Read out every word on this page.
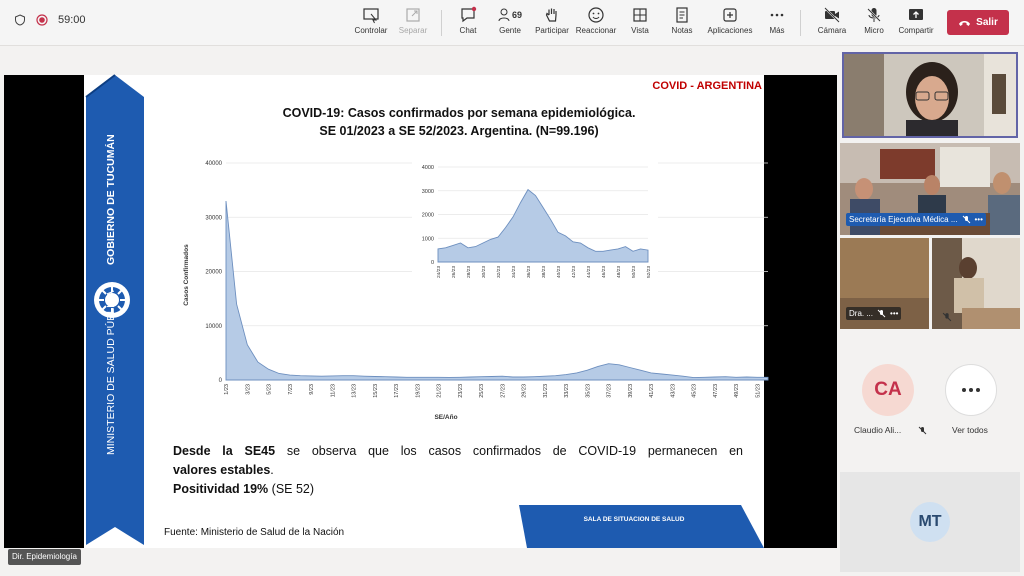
59:00
Controlar	Separar	Chat
69
Gente	Participar Reaccionar	Vista	Notas	Aplicaciones	Más	Cámara	Micro	Compartir
Salir
GOBIERNO DE TUCUMÁN
MINISTERIO DE SALUD PÚBLICA
COVID - ARGENTINA
COVID-19: Casos confirmados por semana epidemiológica.
SE 01/2023 a SE 52/2023. Argentina. (N=99.196)
0
10000
20000
30000
40000
1/23	3/23	5/23	7/23	9/23	11/23	13/23	15/23	17/23	19/23	21/23	23/23	25/23	27/23	29/23	31/23	33/23	35/23	37/23	39/23	41/23	43/23	45/23	47/23	49/23	51/23
Casos Confirmados
SE/Año
0
1000
2000
3000
4000
24/23 26/23 28/23 30/23 32/23 34/23 36/23 38/23 40/23 42/23 44/23 46/23 48/23 50/23 52/23
Desde la SE45 se observa que los casos confirmados de COVID-19 permanecen en
valores estables.
Positividad 19% (SE 52)
Fuente: Ministerio de Salud de la Nación
SALA DE SITUACION DE SALUD
Dir. Epidemiología
Secretaría Ejecutiva Médica ... •••
Dra. ... •••
CA
Claudio Ali...	Ver todos
MT
